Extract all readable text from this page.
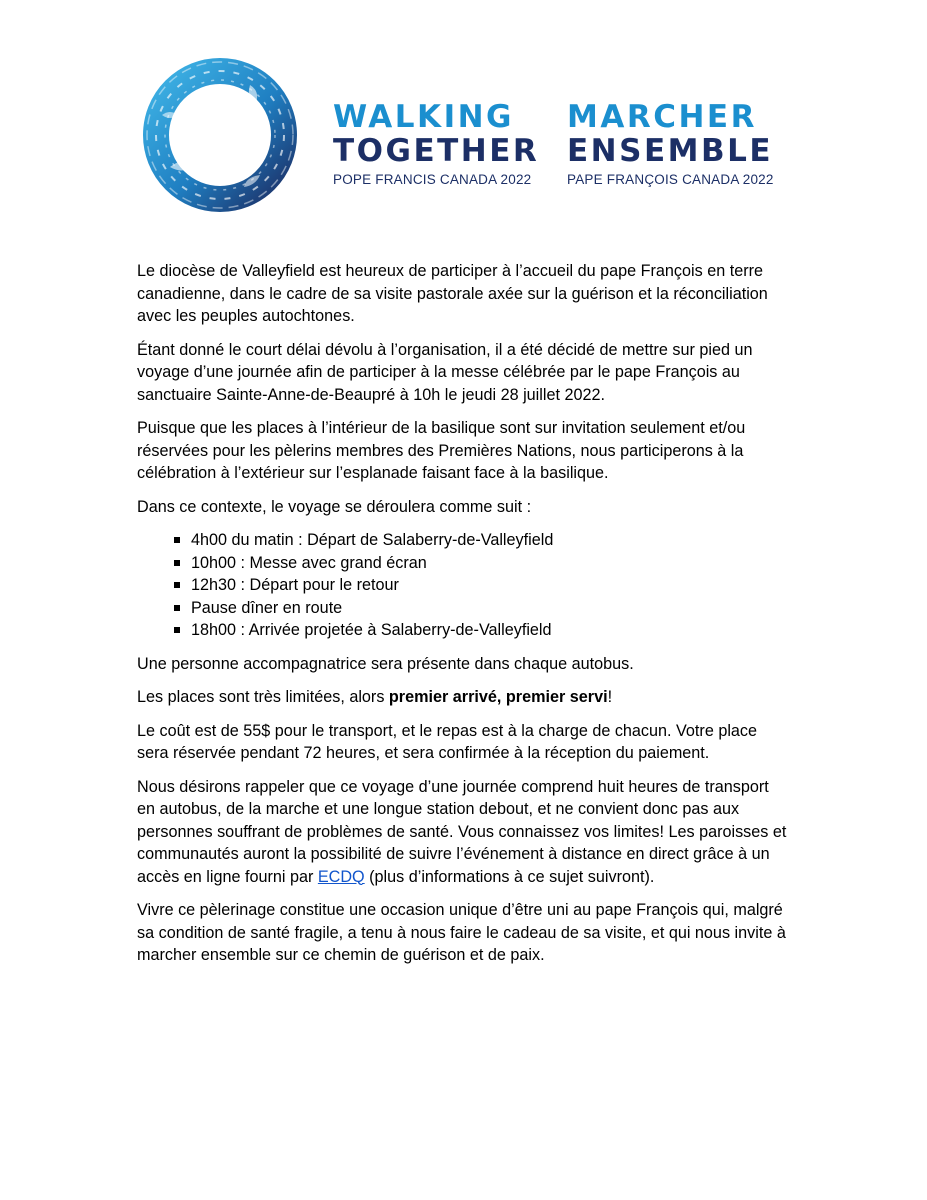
WALKING
TOGETHER
POPE FRANCIS CANADA 2022
MARCHER
ENSEMBLE
PAPE FRANÇOIS CANADA 2022

Le diocèse de Valleyfield est heureux de participer à l’accueil du pape François en terre canadienne, dans le cadre de sa visite pastorale axée sur la guérison et la réconciliation avec les peuples autochtones.

Étant donné le court délai dévolu à l’organisation, il a été décidé de mettre sur pied un voyage d’une journée afin de participer à la messe célébrée par le pape François au sanctuaire Sainte-Anne-de-Beaupré à 10h le jeudi 28 juillet 2022.

Puisque que les places à l’intérieur de la basilique sont sur invitation seulement et/ou réservées pour les pèlerins membres des Premières Nations, nous participerons à la célébration à l’extérieur sur l’esplanade faisant face à la basilique.

Dans ce contexte, le voyage se déroulera comme suit :

4h00 du matin : Départ de Salaberry-de-Valleyfield
10h00 : Messe avec grand écran
12h30 : Départ pour le retour
Pause dîner en route
18h00 : Arrivée projetée à Salaberry-de-Valleyfield

Une personne accompagnatrice sera présente dans chaque autobus.

Les places sont très limitées, alors premier arrivé, premier servi!

Le coût est de 55$ pour le transport, et le repas est à la charge de chacun. Votre place sera réservée pendant 72 heures, et sera confirmée à la réception du paiement.

Nous désirons rappeler que ce voyage d’une journée comprend huit heures de transport en autobus, de la marche et une longue station debout, et ne convient donc pas aux personnes souffrant de problèmes de santé. Vous connaissez vos limites! Les paroisses et communautés auront la possibilité de suivre l’événement à distance en direct grâce à un accès en ligne fourni par ECDQ (plus d’informations à ce sujet suivront).

Vivre ce pèlerinage constitue une occasion unique d’être uni au pape François qui, malgré sa condition de santé fragile, a tenu à nous faire le cadeau de sa visite, et qui nous invite à marcher ensemble sur ce chemin de guérison et de paix.
